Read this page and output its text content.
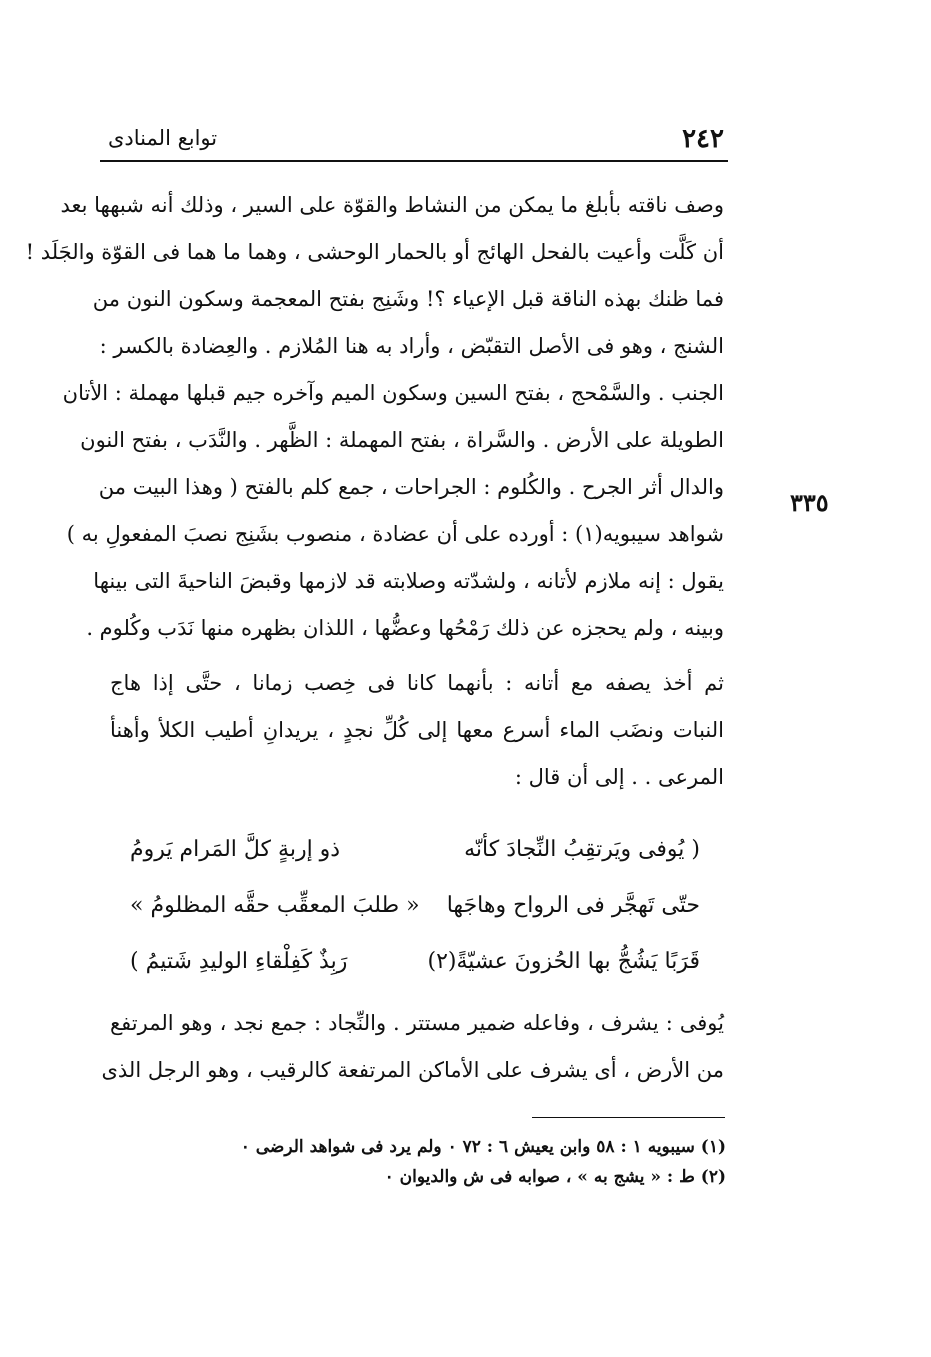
٢٤٢
توابع المنادى
٣٣٥
وصف ناقته بأبلغ ما يمكن من النشاط والقوّة على السير ، وذلك أنه شبهها بعد
أن كَلَّت وأعيت بالفحل الهائج أو بالحمار الوحشى ، وهما ما هما فى القوّة والجَلَد !
فما ظنك بهذه الناقة قبل الإعياء ؟! وشَنِج بفتح المعجمة وسكون النون من
الشنج ، وهو فى الأصل التقبّض ، وأراد به هنا المُلازم . والعِضادة بالكسر :
الجنب . والسَّمْحج ، بفتح السين وسكون الميم وآخره جيم قبلها مهملة : الأتان
الطويلة على الأرض . والسَّراة ، بفتح المهملة : الظَّهر . والنَّدَب ، بفتح النون
والدال أثر الجرح . والكُلوم : الجراحات ، جمع كلم بالفتح ( وهذا البيت من
شواهد سيبويه(١) : أورده على أن عضادة ، منصوب بشَنِج نصبَ المفعولِ به )
يقول : إنه ملازم لأتانه ، ولشدّته وصلابته قد لازمها وقبضَ الناحيةَ التى بينها
وبينه ، ولم يحجزه عن ذلك رَمْحُها وعضُّها ، اللذان بظهره منها نَدَب وكُلوم .
ثم أخذ يصفه مع أتانه : بأنهما كانا فى خِصب زمانا ، حتَّى إذا هاج
النبات ونضَب الماء أسرع معها إلى كُلِّ نجدٍ ، يريدانِ أطيب الكلأ وأهنأ
المرعى . . إلى أن قال :
( يُوفى ويَرتقِبُ النِّجادَ كأنّه
ذو إربةٍ كلَّ المَرام يَرومُ
حتّى تَهجَّر فى الرواح وهاجَها
« طلبَ المعقِّب حقَّه المظلومُ »
قَرَبًا يَشُجُّ بها الحُزونَ عشيّةً(٢)
رَبِذٌ كَفِلْقاءِ الوليدِ شَتيمُ )
يُوفى : يشرف ، وفاعله ضمير مستتر . والنِّجاد : جمع نجد ، وهو المرتفع
من الأرض ، أى يشرف على الأماكن المرتفعة كالرقيب ، وهو الرجل الذى
(١) سيبويه ١ : ٥٨ وابن يعيش ٦ : ٧٢ ٠ ولم يرد فى شواهد الرضى ٠
(٢) ط : « يشج به » ، صوابه فى ش والديوان ٠
